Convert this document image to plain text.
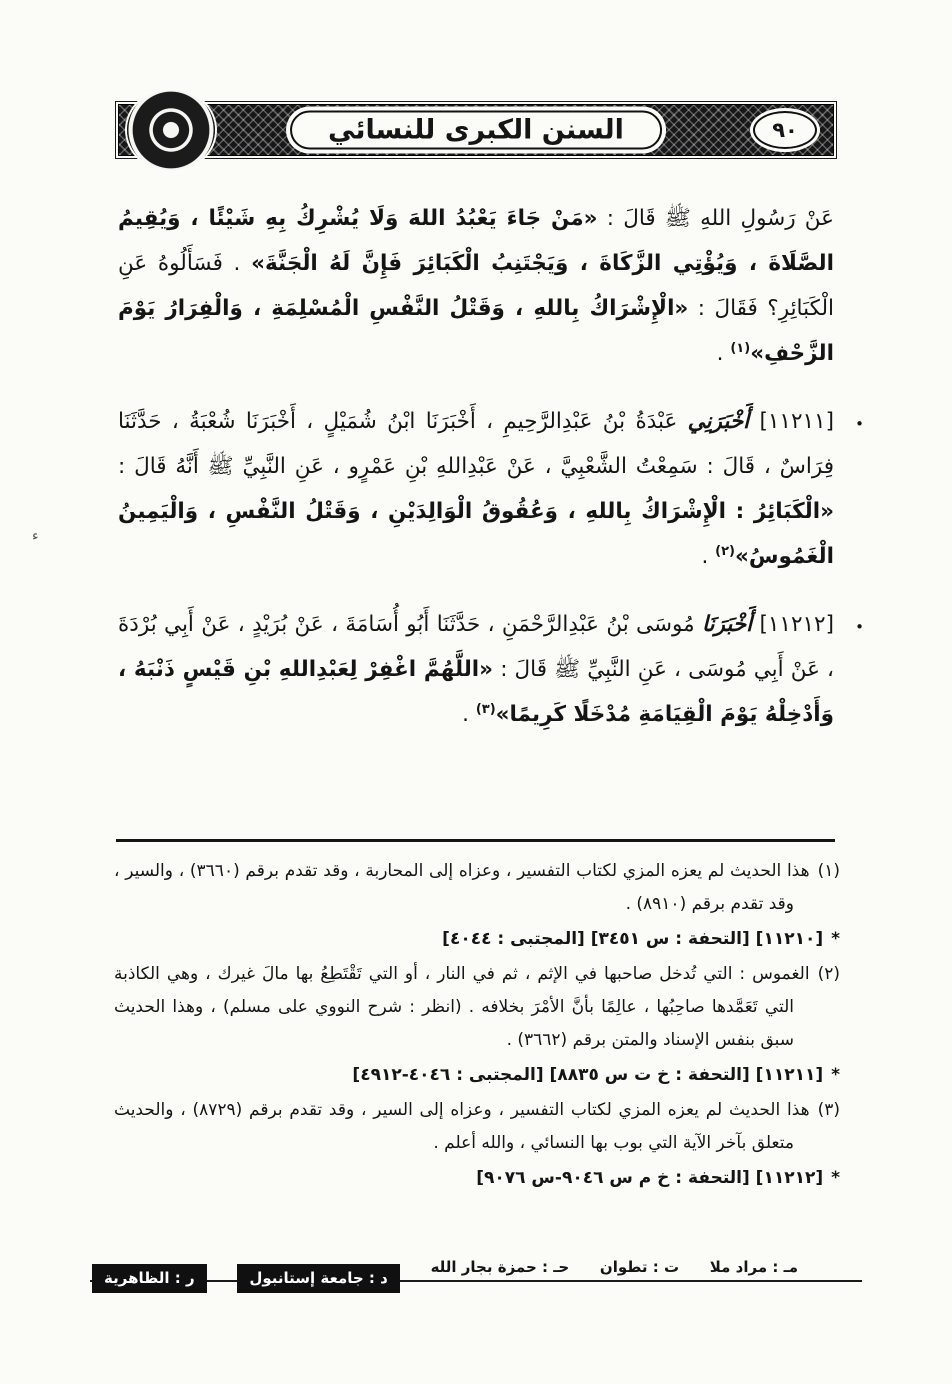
السنن الكبرى للنسائي	٩٠
ء
عَنْ رَسُولِ اللهِ ﷺ قَالَ : «مَنْ جَاءَ يَعْبُدُ اللهَ وَلَا يُشْرِكُ بِهِ شَيْئًا ، وَيُقِيمُ الصَّلَاةَ ، وَيُؤْتِي الزَّكَاةَ ، وَيَجْتَنِبُ الْكَبَائِرَ فَإِنَّ لَهُ الْجَنَّةَ» . فَسَأَلُوهُ عَنِ الْكَبَائِرِ؟ فَقَالَ : «الْإِشْرَاكُ بِاللهِ ، وَقَتْلُ النَّفْسِ الْمُسْلِمَةِ ، وَالْفِرَارُ يَوْمَ الزَّحْفِ»$^{(١)}$ .
•
[١١٢١١] أَخْبَرَنِي عَبْدَةُ بْنُ عَبْدِالرَّحِيمِ ، أَخْبَرَنَا ابْنُ شُمَيْلٍ ، أَخْبَرَنَا شُعْبَةُ ، حَدَّثَنَا فِرَاسٌ ، قَالَ : سَمِعْتُ الشَّعْبِيَّ ، عَنْ عَبْدِاللهِ بْنِ عَمْرٍو ، عَنِ النَّبِيِّ ﷺ أَنَّهُ قَالَ : «الْكَبَائِرُ : الْإِشْرَاكُ بِاللهِ ، وَعُقُوقُ الْوَالِدَيْنِ ، وَقَتْلُ النَّفْسِ ، وَالْيَمِينُ الْغَمُوسُ»$^{(٢)}$ .
•
[١١٢١٢] أَخْبَرَنَا مُوسَى بْنُ عَبْدِالرَّحْمَنِ ، حَدَّثَنَا أَبُو أُسَامَةَ ، عَنْ بُرَيْدٍ ، عَنْ أَبِي بُرْدَةَ ، عَنْ أَبِي مُوسَى ، عَنِ النَّبِيِّ ﷺ قَالَ : «اللَّهُمَّ اغْفِرْ لِعَبْدِاللهِ بْنِ قَيْسٍ ذَنْبَهُ ، وَأَدْخِلْهُ يَوْمَ الْقِيَامَةِ مُدْخَلًا كَرِيمًا»$^{(٣)}$ .
(١)هذا الحديث لم يعزه المزي لكتاب التفسير ، وعزاه إلى المحاربة ، وقد تقدم برقم (٣٦٦٠) ، والسير ، وقد تقدم برقم (٨٩١٠) .
*[١١٢١٠] [التحفة : س ٣٤٥١] [المجتبى : ٤٠٤٤]
(٢)الغموس : التي تُدخل صاحبها في الإثم ، ثم في النار ، أو التي تَقْتَطِعُ بها مالَ غيرك ، وهي الكاذبة التي تَعَمَّدها صاحِبُها ، عالِمًا بأنَّ الأمْرَ بخلافه . (انظر : شرح النووي على مسلم) ، وهذا الحديث سبق بنفس الإسناد والمتن برقم (٣٦٦٢) .
*[١١٢١١] [التحفة : خ ت س ٨٨٣٥] [المجتبى : ٤٠٤٦-٤٩١٢]
(٣)هذا الحديث لم يعزه المزي لكتاب التفسير ، وعزاه إلى السير ، وقد تقدم برقم (٨٧٢٩) ، والحديث متعلق بآخر الآية التي بوب بها النسائي ، والله أعلم .
*[١١٢١٢] [التحفة : خ م س ٩٠٤٦-س ٩٠٧٦]
مـ : مراد ملا
ت : تطوان
حـ : حمزة بجار الله
د : جامعة إستانبول
ر : الظاهرية
